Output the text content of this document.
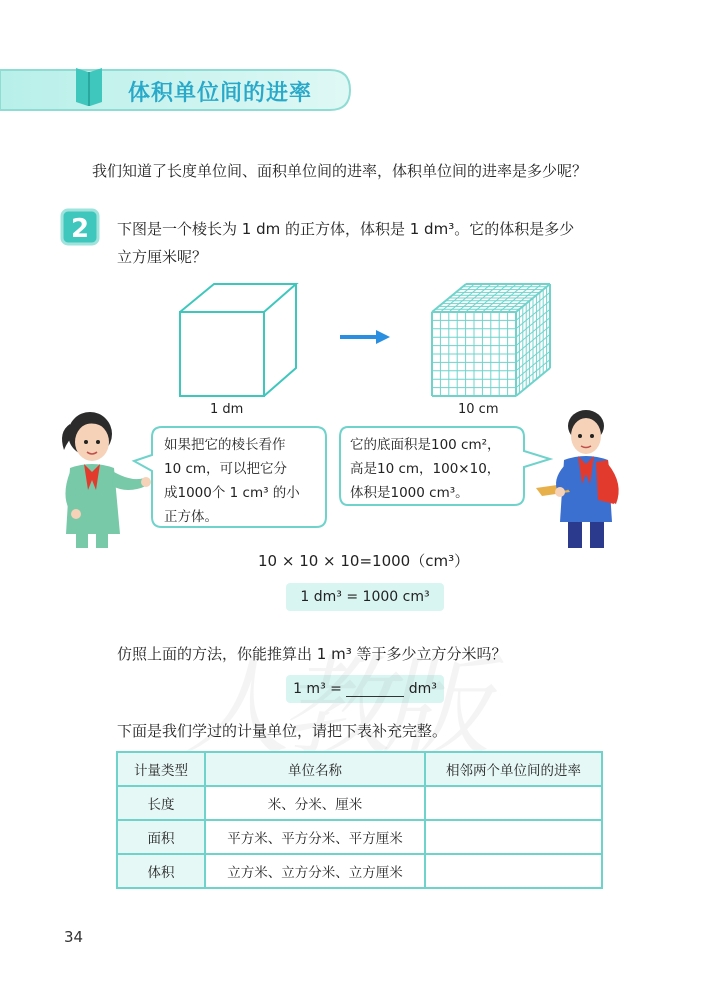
体积单位间的进率
我们知道了长度单位间、面积单位间的进率，体积单位间的进率是多少呢？
2 下图是一个棱长为 1 dm 的正方体，体积是 1 dm³。它的体积是多少
立方厘米呢？
1 dm	10 cm
如果把它的棱长看作
10 cm，可以把它分
成1000个 1 cm³ 的小
正方体。
它的底面积是100 cm²，
高是10 cm，100×10，
体积是1000 cm³。
10 × 10 × 10=1000（cm³）
1 dm³ = 1000 cm³
仿照上面的方法，你能推算出 1 m³ 等于多少立方分米吗？
1 m³ =	dm³
下面是我们学过的计量单位，请把下表补充完整。
计量类型	单位名称	相邻两个单位间的进率
长度	米、分米、厘米	
面积	平方米、平方分米、平方厘米	
体积	立方米、立方分米、立方厘米	
34
